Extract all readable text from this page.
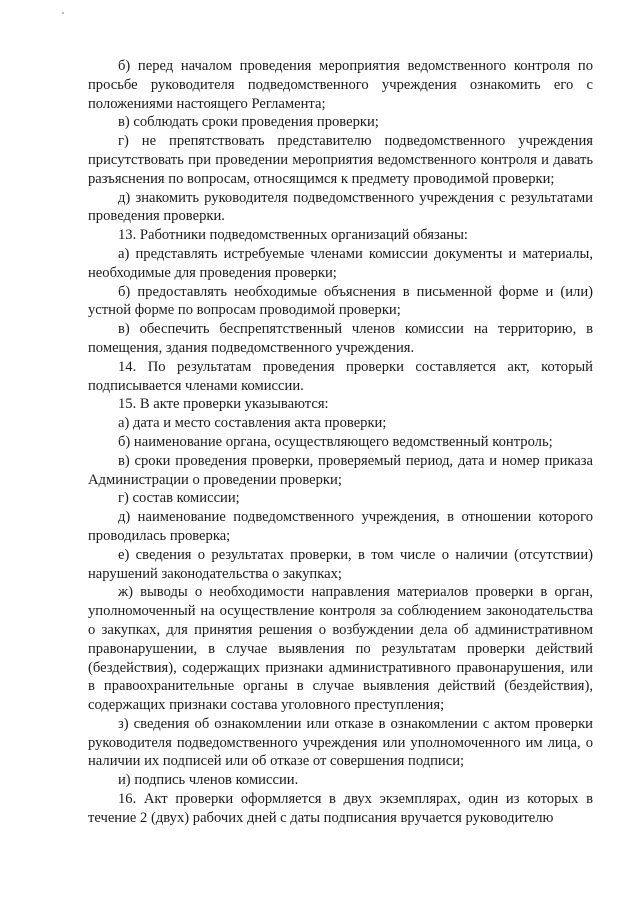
б) перед началом проведения мероприятия ведомственного контроля по просьбе руководителя подведомственного учреждения ознакомить его с положениями настоящего Регламента;

в) соблюдать сроки проведения проверки;

г) не препятствовать представителю подведомственного учреждения присутствовать при проведении мероприятия ведомственного контроля и давать разъяснения по вопросам, относящимся к предмету проводимой проверки;

д) знакомить руководителя подведомственного учреждения с результатами проведения проверки.

13. Работники подведомственных организаций обязаны:

а) представлять истребуемые членами комиссии документы и материалы, необходимые для проведения проверки;

б) предоставлять необходимые объяснения в письменной форме и (или) устной форме по вопросам проводимой проверки;

в) обеспечить беспрепятственный членов комиссии на территорию, в помещения, здания подведомственного учреждения.

14. По результатам проведения проверки составляется акт, который подписывается членами комиссии.

15. В акте проверки указываются:

а) дата и место составления акта проверки;

б) наименование органа, осуществляющего ведомственный контроль;

в) сроки проведения проверки, проверяемый период, дата и номер приказа Администрации о проведении проверки;

г) состав комиссии;

д) наименование подведомственного учреждения, в отношении которого проводилась проверка;

е) сведения о результатах проверки, в том числе о наличии (отсутствии) нарушений законодательства о закупках;

ж) выводы о необходимости направления материалов проверки в орган, уполномоченный на осуществление контроля за соблюдением законодательства о закупках, для принятия решения о возбуждении дела об административном правонарушении, в случае выявления по результатам проверки действий (бездействия), содержащих признаки административного правонарушения, или в правоохранительные органы в случае выявления действий (бездействия), содержащих признаки состава уголовного преступления;

з) сведения об ознакомлении или отказе в ознакомлении с актом проверки руководителя подведомственного учреждения или уполномоченного им лица, о наличии их подписей или об отказе от совершения подписи;

и) подпись членов комиссии.

16. Акт проверки оформляется в двух экземплярах, один из которых в течение 2 (двух) рабочих дней с даты подписания вручается руководителю
